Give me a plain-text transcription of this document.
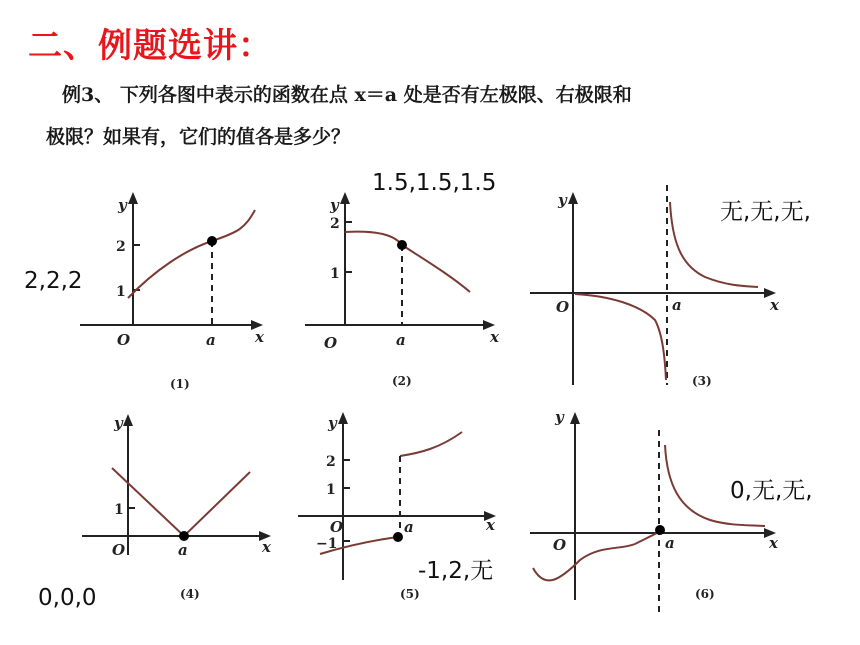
二、例题选讲：
例3、 下列各图中表示的函数在点 x＝a 处是否有左极限、右极限和
极限？如果有，它们的值各是多少？
y
x
O	a
2
1
(1)
y
x
O	a
2
1
(2)
y
x
O	a
(3)
y
x
O	a
1
(4)
y
x
O	a
2
1
−1
(5)
y
x
O	a
(6)
2,2,2
1.5,1.5,1.5
无,无,无,
0,0,0
-1,2,无
0,无,无,
